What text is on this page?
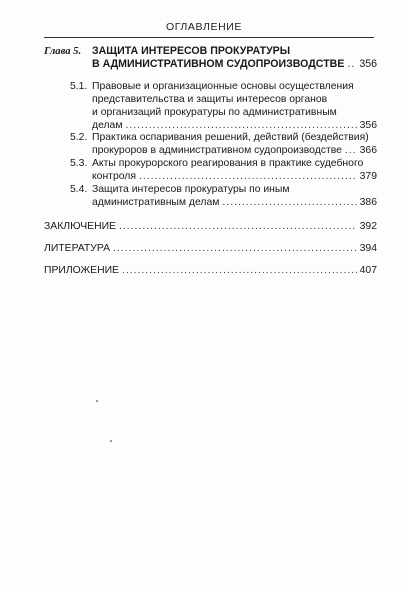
ОГЛАВЛЕНИЕ
Глава 5. ЗАЩИТА ИНТЕРЕСОВ ПРОКУРАТУРЫ
В АДМИНИСТРАТИВНОМ СУДОПРОИЗВОДСТВЕ ..... 356
5.1. Правовые и организационные основы осуществления
представительства и защиты интересов органов
и организаций прокуратуры по административным
делам .....	356
5.2. Практика оспаривания решений, действий (бездействия)
прокуроров в административном судопроизводстве ..... 366
5.3. Акты прокурорского реагирования в практике судебного
контроля .....	379
5.4. Защита интересов прокуратуры по иным
административным делам .....	386
ЗАКЛЮЧЕНИЕ .....	392
ЛИТЕРАТУРА .....	394
ПРИЛОЖЕНИЕ .....	407
